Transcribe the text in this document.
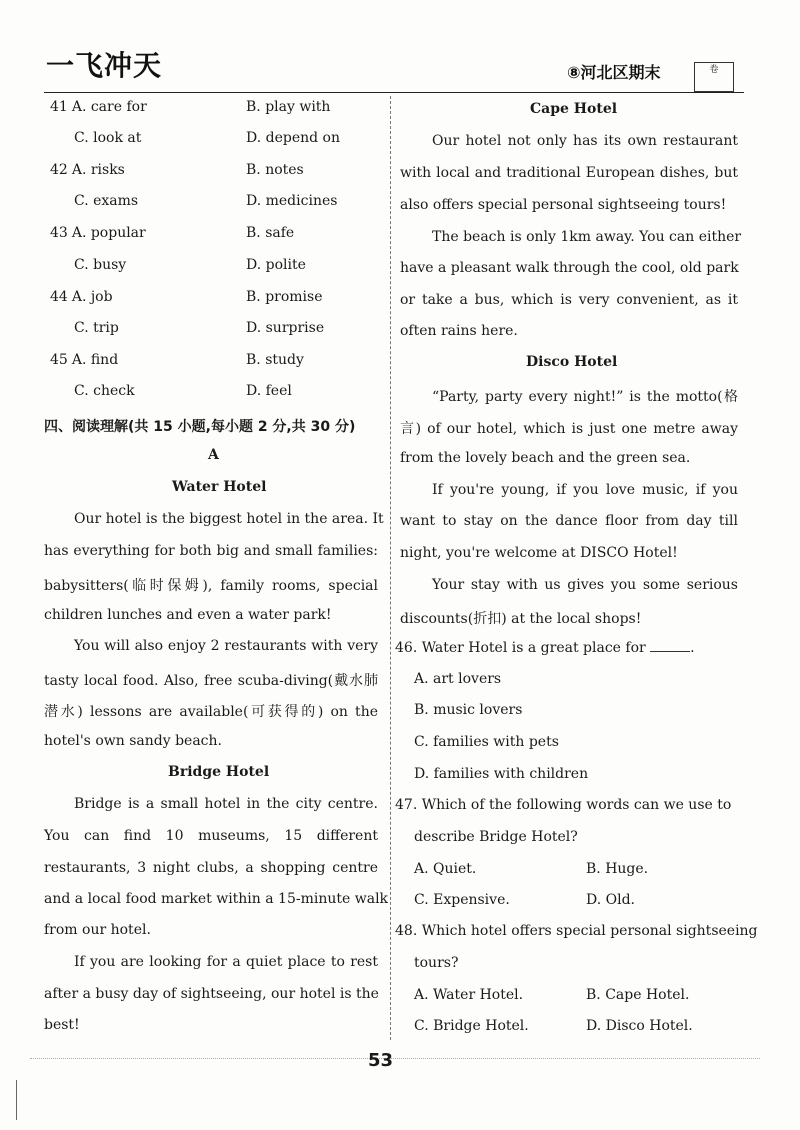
一飞冲天	⑧河北区期末	卷
41 A. care for	B. play with
C. look at	D. depend on
42 A. risks	B. notes
C. exams	D. medicines
43 A. popular	B. safe
C. busy	D. polite
44 A. job	B. promise
C. trip	D. surprise
45 A. find	B. study
C. check	D. feel
四、阅读理解(共 15 小题,每小题 2 分,共 30 分)
A
Water Hotel
Our hotel is the biggest hotel in the area. It
has everything for both big and small families:
babysitters(临时保姆), family rooms, special
children lunches and even a water park!
You will also enjoy 2 restaurants with very
tasty local food. Also, free scuba-diving(戴水肺
潜水) lessons are available(可获得的) on the
hotel's own sandy beach.
Bridge Hotel
Bridge is a small hotel in the city centre.
You can find 10 museums, 15 different
restaurants, 3 night clubs, a shopping centre
and a local food market within a 15-minute walk
from our hotel.
If you are looking for a quiet place to rest
after a busy day of sightseeing, our hotel is the
best!
Cape Hotel
Our hotel not only has its own restaurant
with local and traditional European dishes, but
also offers special personal sightseeing tours!
The beach is only 1km away. You can either
have a pleasant walk through the cool, old park
or take a bus, which is very convenient, as it
often rains here.
Disco Hotel
“Party, party every night!” is the motto(格
言) of our hotel, which is just one metre away
from the lovely beach and the green sea.
If you're young, if you love music, if you
want to stay on the dance floor from day till
night, you're welcome at DISCO Hotel!
Your stay with us gives you some serious
discounts(折扣) at the local shops!
46. Water Hotel is a great place for	.
A. art lovers
B. music lovers
C. families with pets
D. families with children
47. Which of the following words can we use to
describe Bridge Hotel?
A. Quiet.	B. Huge.
C. Expensive.	D. Old.
48. Which hotel offers special personal sightseeing
tours?
A. Water Hotel.	B. Cape Hotel.
C. Bridge Hotel.	D. Disco Hotel.
53
